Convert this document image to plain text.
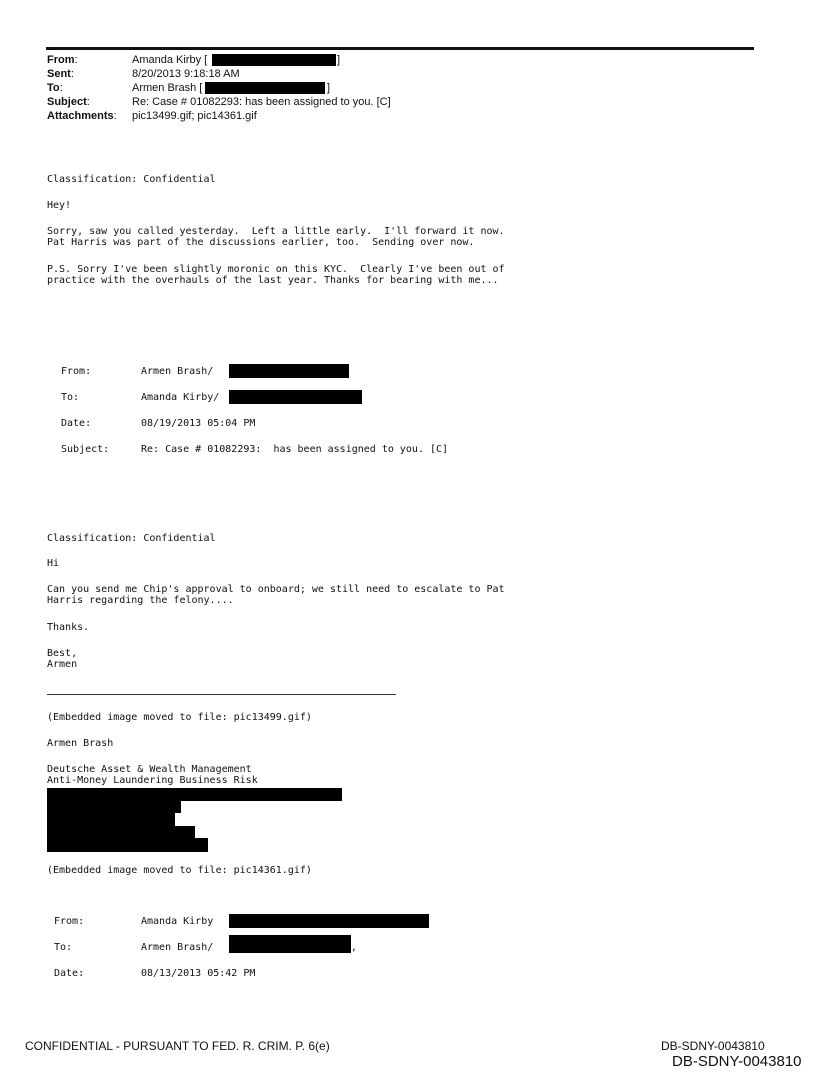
From:	Amanda Kirby [	]
Sent:	8/20/2013 9:18:18 AM
To:	Armen Brash [	]
Subject:	Re: Case # 01082293: has been assigned to you. [C]
Attachments: pic13499.gif; pic14361.gif
Classification: Confidential
Hey!
Sorry, saw you called yesterday.  Left a little early.  I'll forward it now.
Pat Harris was part of the discussions earlier, too.  Sending over now.
P.S. Sorry I've been slightly moronic on this KYC.  Clearly I've been out of
practice with the overhauls of the last year. Thanks for bearing with me...
From:	Armen Brash/
To:	Amanda Kirby/
Date:	08/19/2013 05:04 PM
Subject:	Re: Case # 01082293:  has been assigned to you. [C]
Classification: Confidential
Hi
Can you send me Chip's approval to onboard; we still need to escalate to Pat
Harris regarding the felony....
Thanks.
Best,
Armen
(Embedded image moved to file: pic13499.gif)
Armen Brash
Deutsche Asset & Wealth Management
Anti-Money Laundering Business Risk
(Embedded image moved to file: pic14361.gif)
From:	Amanda Kirby
To:	Armen Brash/	,
Date:	08/13/2013 05:42 PM
CONFIDENTIAL - PURSUANT TO FED. R. CRIM. P. 6(e)	DB-SDNY-0043810
DB-SDNY-0043810
